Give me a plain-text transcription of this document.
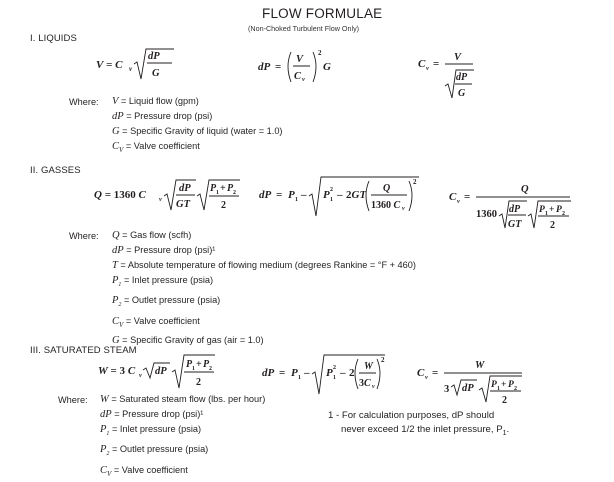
FLOW FORMULAE
(Non-Choked Turbulent Flow Only)
I. LIQUIDS
V = C v
dP
G
dP =
V
C v
2
G	C v =
V
dP
G
Where: V = Liquid flow (gpm)
dP = Pressure drop (psi)
G = Specific Gravity of liquid (water = 1.0)
$C_V$ = Valve coefficient
II. GASSES
Q = 1360 C v
dP
GT
P 1 + P 2
2
dP = P 1 – P 1
2 – 2GT
Q
1360 C v
2
C v =
Q
1360 dP
GT
P 1 + P 2
2
Where: Q = Gas flow (scfh)
dP = Pressure drop (psi)¹
T = Absolute temperature of flowing medium (degrees Rankine = °F + 460)
$P_1$ = Inlet pressure (psia)
$P_2$ = Outlet pressure (psia)
$C_V$ = Valve coefficient
G = Specific Gravity of gas (air = 1.0)
III. SATURATED STEAM
W = 3 C v dP
P 1 + P 2
2
dP = P 1 – P 1
2 – 2
W
3C v
2
C v =
W
3 dP P 1 + P 2
2
Where: W = Saturated steam flow (lbs. per hour)
dP = Pressure drop (psi)¹
$P_1$ = Inlet pressure (psia)
$P_2$ = Outlet pressure (psia)
$C_V$ = Valve coefficient
1 - For calculation purposes, dP should
never exceed 1/2 the inlet pressure, $P_1$.
